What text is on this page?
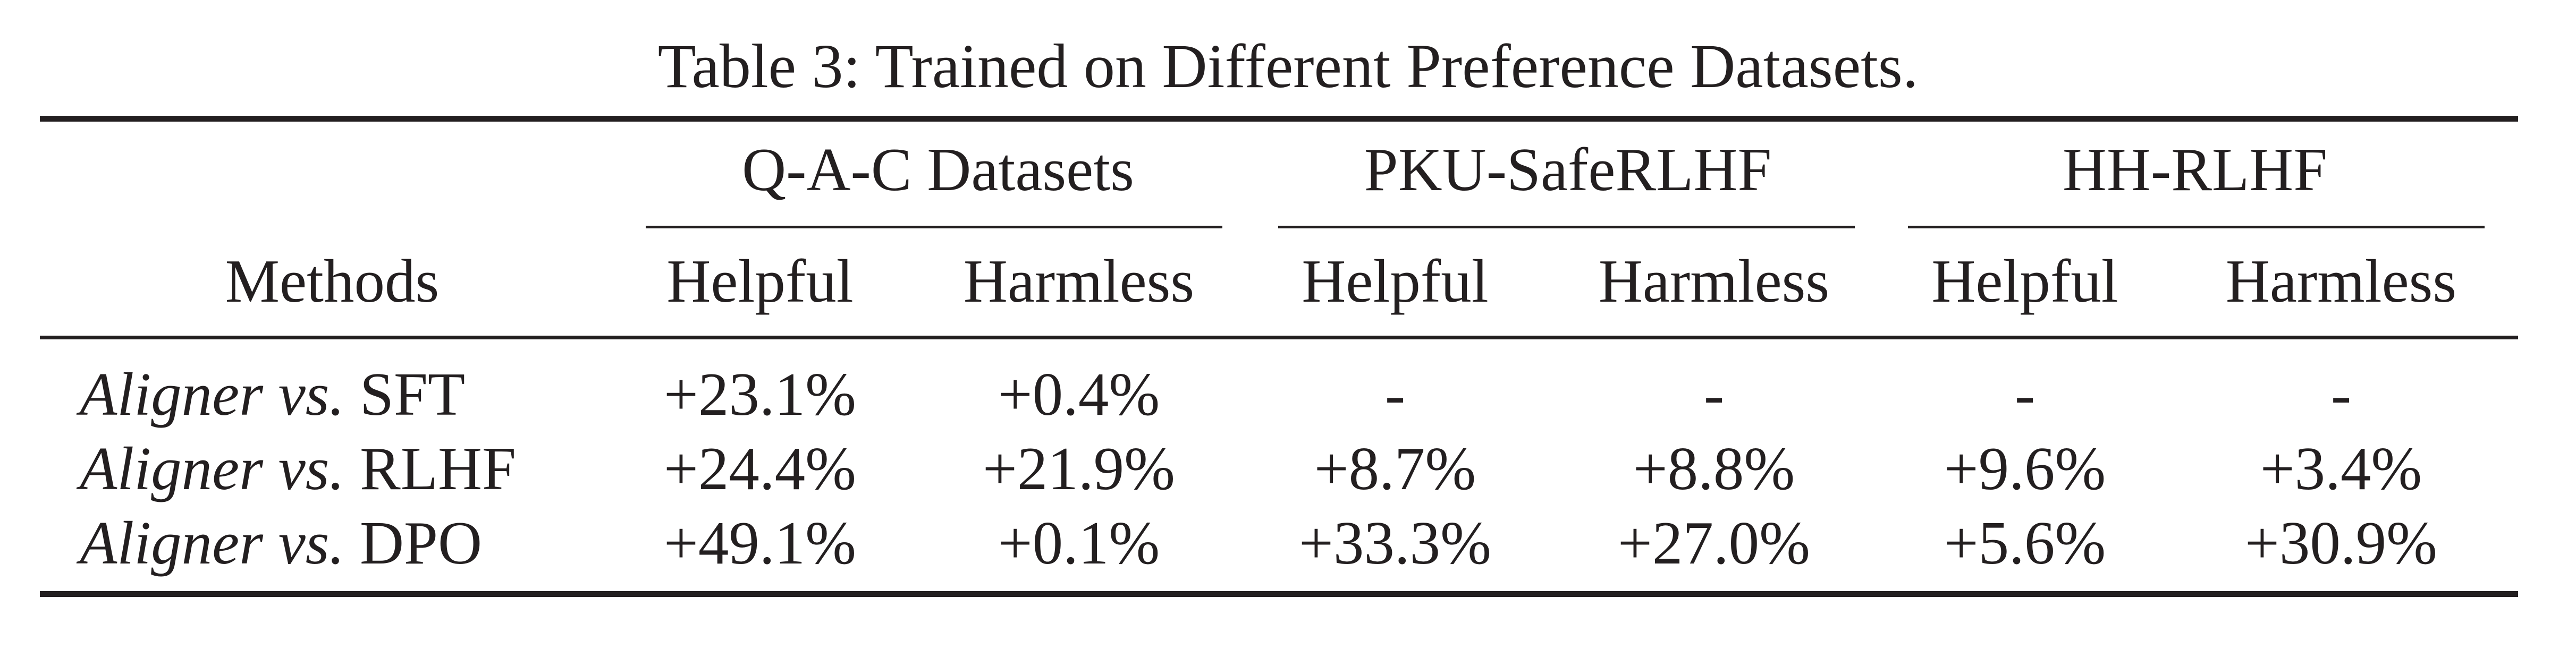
Table 3: Trained on Different Preference Datasets.
Q-A-C Datasets	PKU-SafeRLHF	HH-RLHF
Methods	Helpful Harmless Helpful Harmless Helpful Harmless
Aligner vs. SFT	+23.1% +0.4%	-	-	-	-
Aligner vs. RLHF +24.4% +21.9% +8.7%	+8.8% +9.6%	+3.4%
Aligner vs. DPO	+49.1% +0.1% +33.3% +27.0% +5.6% +30.9%
